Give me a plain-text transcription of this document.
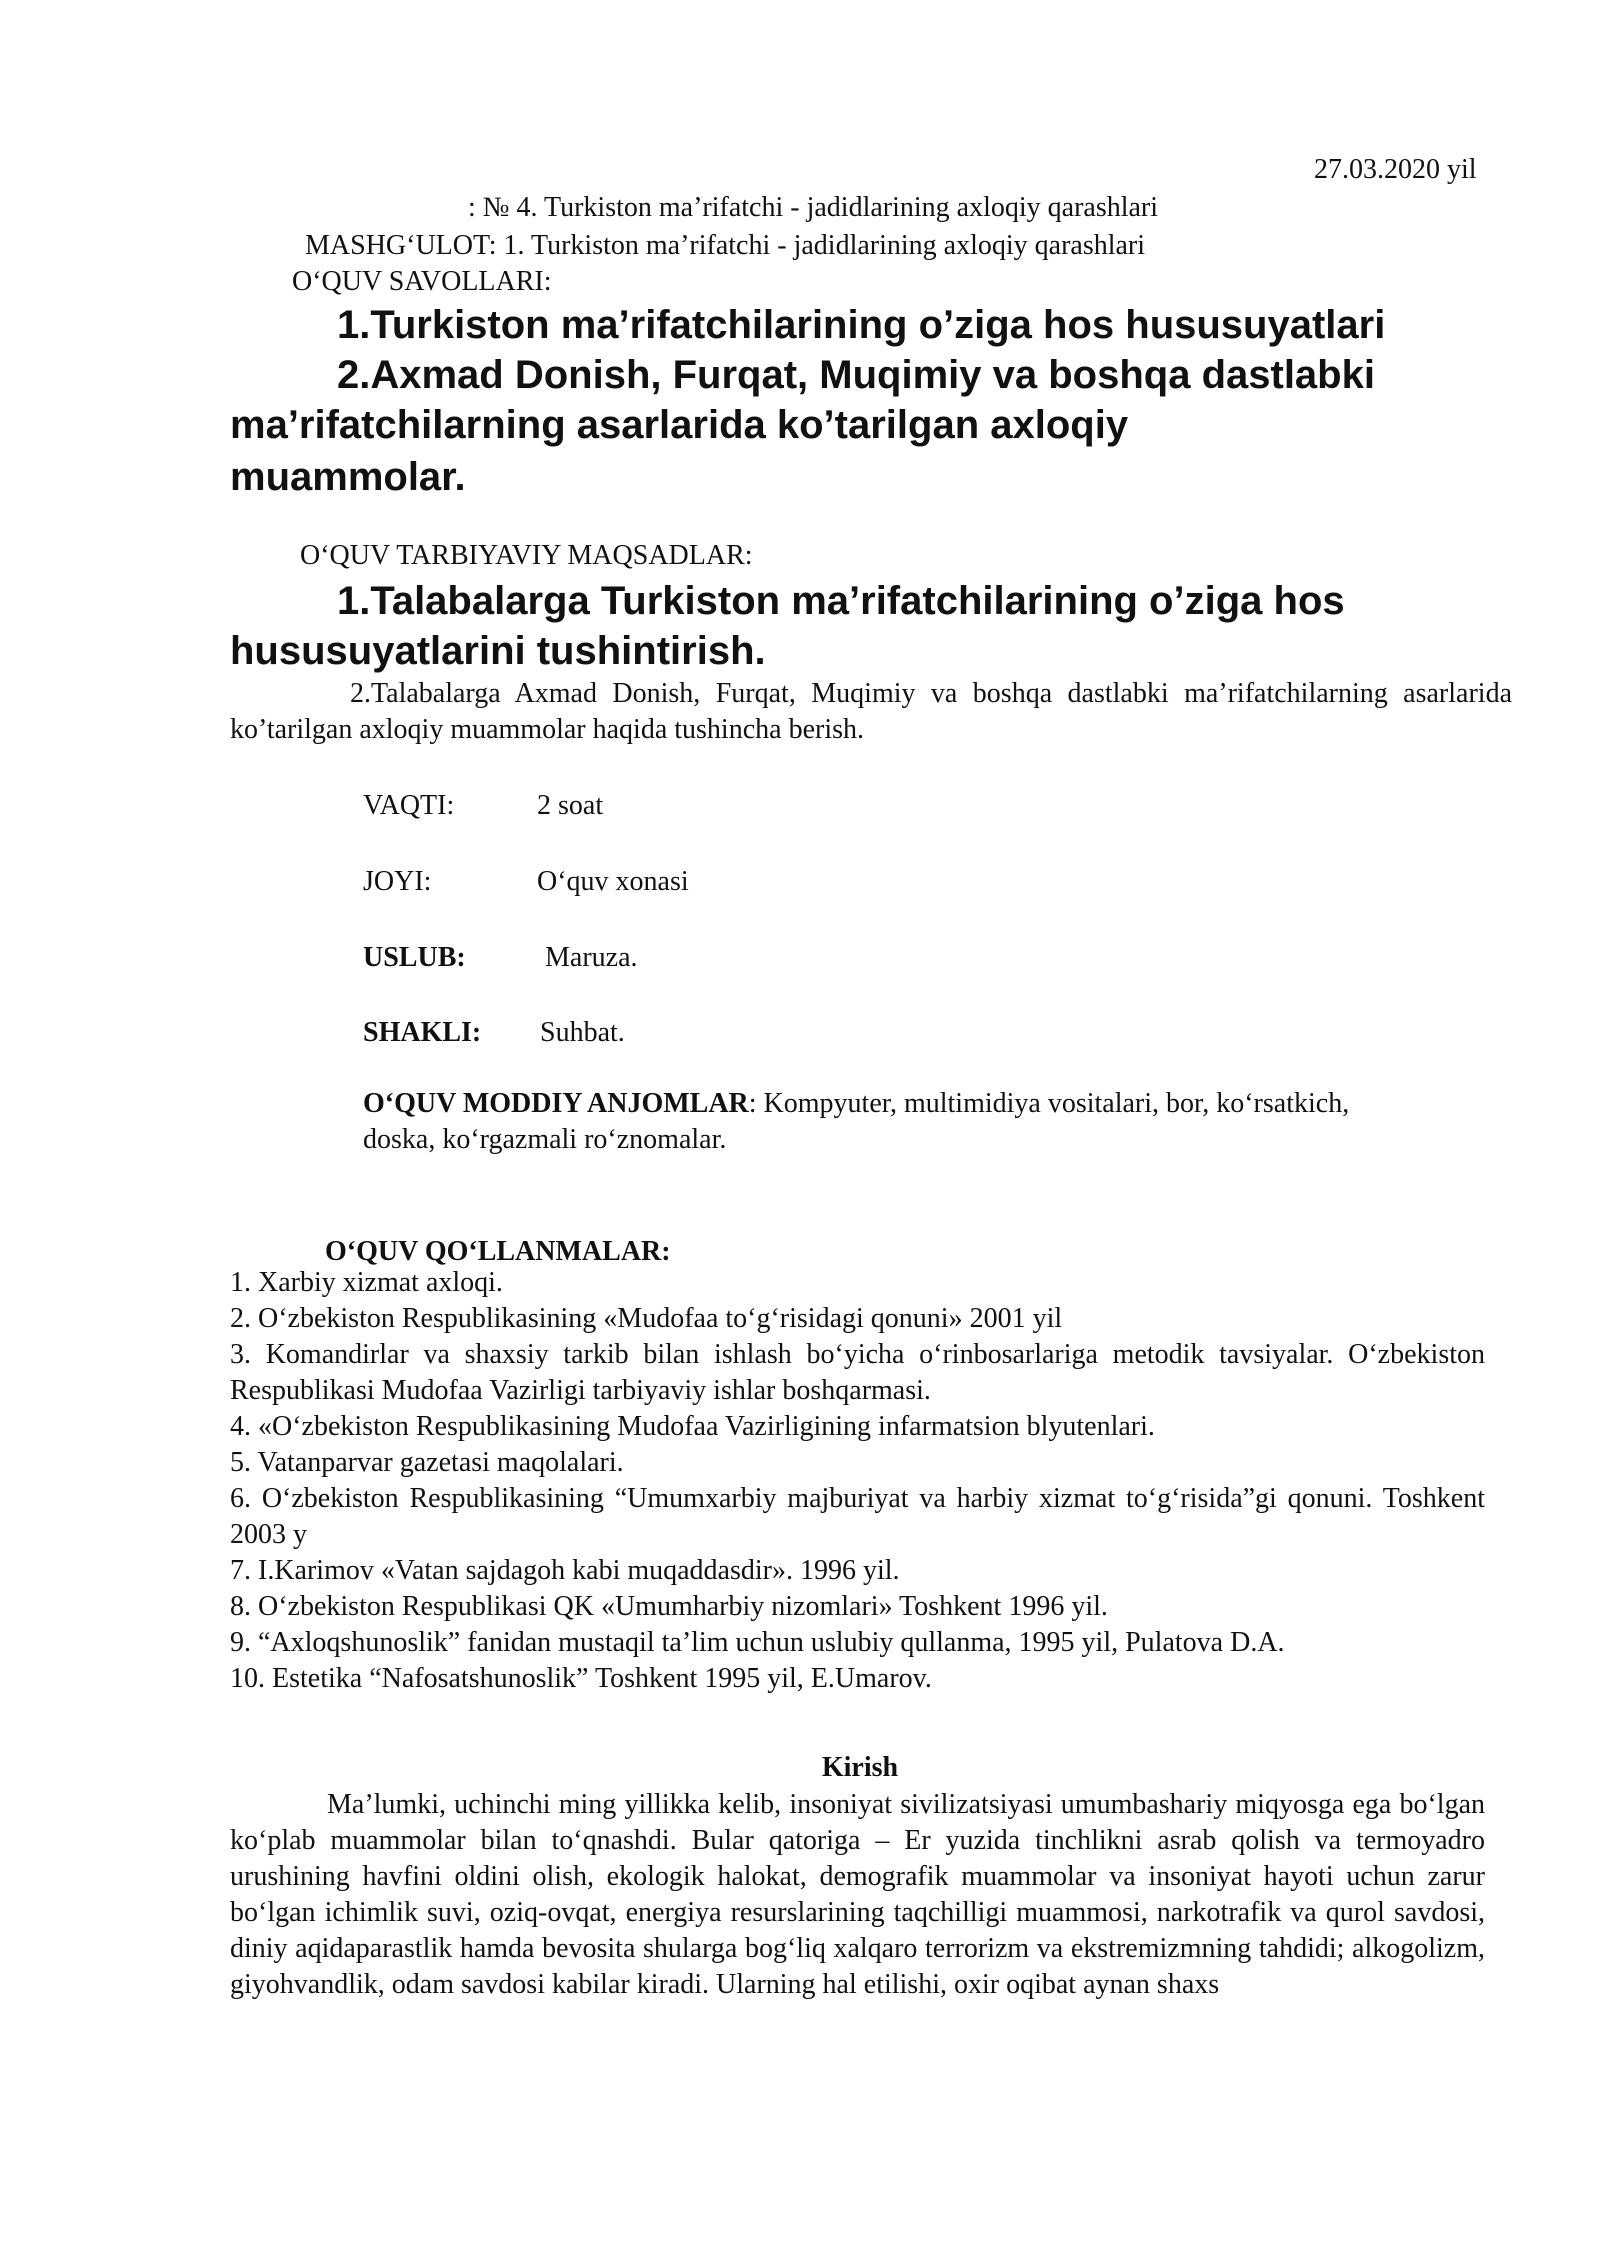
27.03.2020 yil

: № 4. Turkiston ma’rifatchi - jadidlarining axloqiy qarashlari

MASHG‘ULOT: 1. Turkiston ma’rifatchi - jadidlarining axloqiy qarashlari

O‘QUV SAVOLLARI:

1.Turkiston ma’rifatchilarining o’ziga hos hususuyatlari

2.Axmad Donish, Furqat, Muqimiy va boshqa dastlabki

ma’rifatchilarning asarlarida ko’tarilgan axloqiy

muammolar.

O‘QUV TARBIYAVIY MAQSADLAR:

1.Talabalarga Turkiston ma’rifatchilarining o’ziga hos

hususuyatlarini tushintirish.

2.Talabalarga Axmad Donish, Furqat, Muqimiy va boshqa dastlabki ma’rifatchilarning asarlarida ko’tarilgan axloqiy muammolar haqida tushincha berish.

VAQTI:	2 soat

JOYI:	O‘quv xonasi

USLUB:	Maruza.

SHAKLI: Suhbat.

O‘QUV MODDIY ANJOMLAR: Kompyuter, multimidiya vositalari, bor, ko‘rsatkich, doska, ko‘rgazmali ro‘znomalar.

O‘QUV QO‘LLANMALAR:

1. Xarbiy xizmat axloqi.
2. O‘zbekiston Respublikasining «Mudofaa to‘g‘risidagi qonuni» 2001 yil
3. Komandirlar va shaxsiy tarkib bilan ishlash bo‘yicha o‘rinbosarlariga metodik tavsiyalar. O‘zbekiston Respublikasi Mudofaa Vazirligi tarbiyaviy ishlar boshqarmasi.
4. «O‘zbekiston Respublikasining Mudofaa Vazirligining infarmatsion blyutenlari.
5. Vatanparvar gazetasi maqolalari.
6. O‘zbekiston Respublikasining “Umumxarbiy majburiyat va harbiy xizmat to‘g‘risida”gi qonuni. Toshkent 2003 y
7. I.Karimov «Vatan sajdagoh kabi muqaddasdir». 1996 yil.
8. O‘zbekiston Respublikasi QK «Umumharbiy nizomlari» Toshkent 1996 yil.
9. “Axloqshunoslik” fanidan mustaqil ta’lim uchun uslubiy qullanma, 1995 yil, Pulatova D.A.
10. Estetika “Nafosatshunoslik” Toshkent 1995 yil, E.Umarov.

Kirish

Ma’lumki, uchinchi ming yillikka kelib, insoniyat sivilizatsiyasi umumbashariy miqyosga ega bo‘lgan ko‘plab muammolar bilan to‘qnashdi. Bular qatoriga – Er yuzida tinchlikni asrab qolish va termoyadro urushining havfini oldini olish, ekologik halokat, demografik muammolar va insoniyat hayoti uchun zarur bo‘lgan ichimlik suvi, oziq-ovqat, energiya resurslarining taqchilligi muammosi, narkotrafik va qurol savdosi, diniy aqidaparastlik hamda bevosita shularga bog‘liq xalqaro terrorizm va ekstremizmning tahdidi; alkogolizm, giyohvandlik, odam savdosi kabilar kiradi. Ularning hal etilishi, oxir oqibat aynan shaxs
